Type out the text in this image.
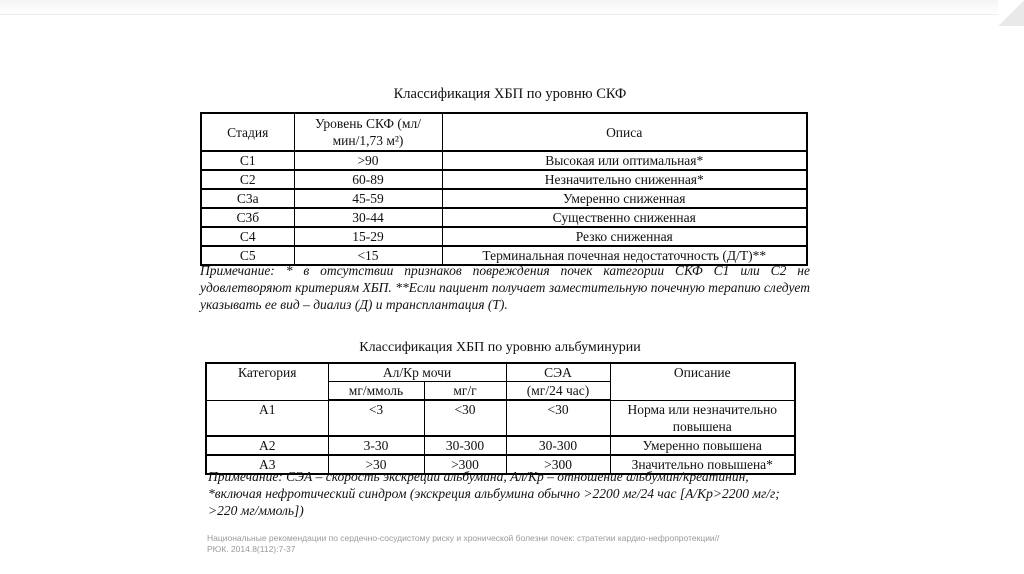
Классификация ХБП по уровню СКФ
Стадия	Уровень СКФ (мл/мин/1,73 м²)	Описа
С1	>90	Высокая или оптимальная*
С2	60-89	Незначительно сниженная*
С3а	45-59	Умеренно сниженная
С3б	30-44	Существенно сниженная
С4	15-29	Резко сниженная
С5	<15	Терминальная почечная недостаточность (Д/Т)**
Примечание: * в отсутствии признаков повреждения почек категории СКФ С1 или С2 не удовлетворяют критериям ХБП. **Если пациент получает заместительную почечную терапию следует указывать ее вид – диализ (Д) и трансплантация (Т).
Классификация ХБП по уровню альбуминурии
Категория	Ал/Кр мочи		СЭА	Описание
	мг/ммоль	мг/г	(мг/24 час)	
А1	<3	<30	<30	Норма или незначительно повышена
А2	3-30	30-300	30-300	Умеренно повышена
А3	>30	>300	>300	Значительно повышена*
Примечание: СЭА – скорость экскреции альбумина, Ал/Кр – отношение альбумин/креатинин,
*включая нефротический синдром (экскреция альбумина обычно >2200 мг/24 час [А/Кр>2200 мг/г;
>220 мг/ммоль])
Национальные рекомендации по сердечно-сосудистому риску и хронической болезни почек: стратегии кардио-нефропротекции//
РЮК. 2014.8(112):7-37
